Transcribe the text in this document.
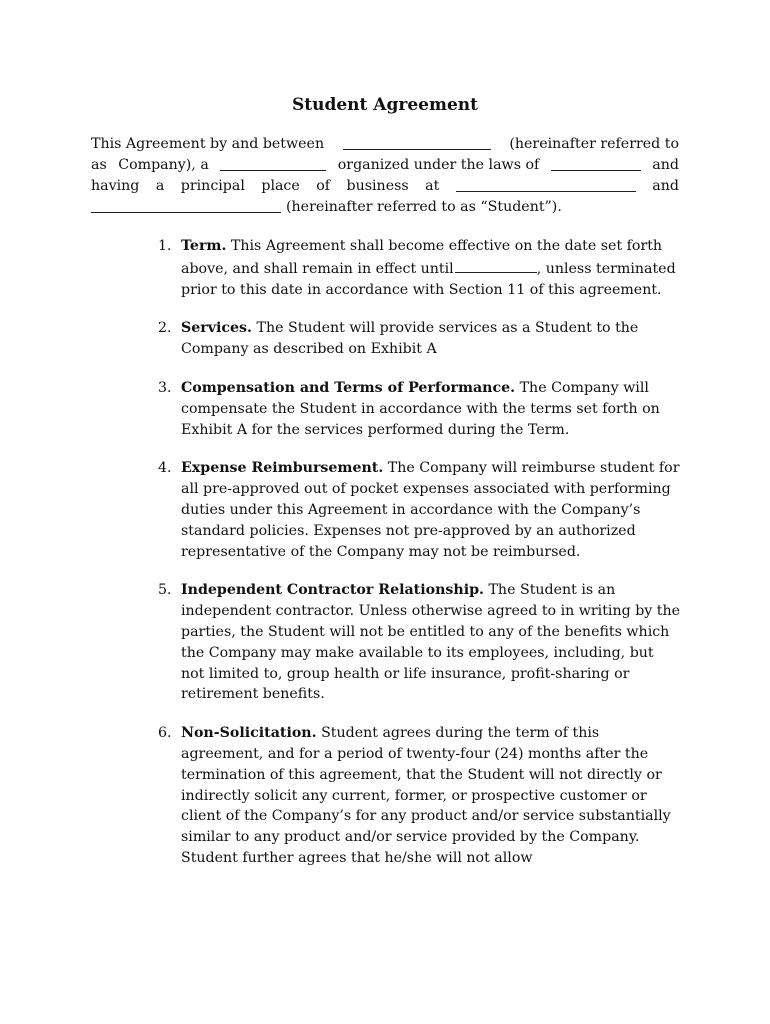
Student Agreement
This Agreement by and between	(hereinafter referred to
as Company), a	organized under the laws of	and
having a principal place of business at	and
(hereinafter referred to as “Student”).
1. Term. This Agreement shall become effective on the date set forth above, and shall remain in effect until	, unless terminated prior to this date in accordance with Section 11 of this agreement.
2. Services. The Student will provide services as a Student to the Company as described on Exhibit A
3. Compensation and Terms of Performance. The Company will compensate the Student in accordance with the terms set forth on Exhibit A for the services performed during the Term.
4. Expense Reimbursement. The Company will reimburse student for all pre-approved out of pocket expenses associated with performing duties under this Agreement in accordance with the Company’s standard policies. Expenses not pre-approved by an authorized representative of the Company may not be reimbursed.
5. Independent Contractor Relationship. The Student is an independent contractor. Unless otherwise agreed to in writing by the parties, the Student will not be entitled to any of the benefits which the Company may make available to its employees, including, but not limited to, group health or life insurance, profit-sharing or retirement benefits.
6. Non-Solicitation. Student agrees during the term of this agreement, and for a period of twenty-four (24) months after the termination of this agreement, that the Student will not directly or indirectly solicit any current, former, or prospective customer or client of the Company’s for any product and/or service substantially similar to any product and/or service provided by the Company. Student further agrees that he/she will not allow
